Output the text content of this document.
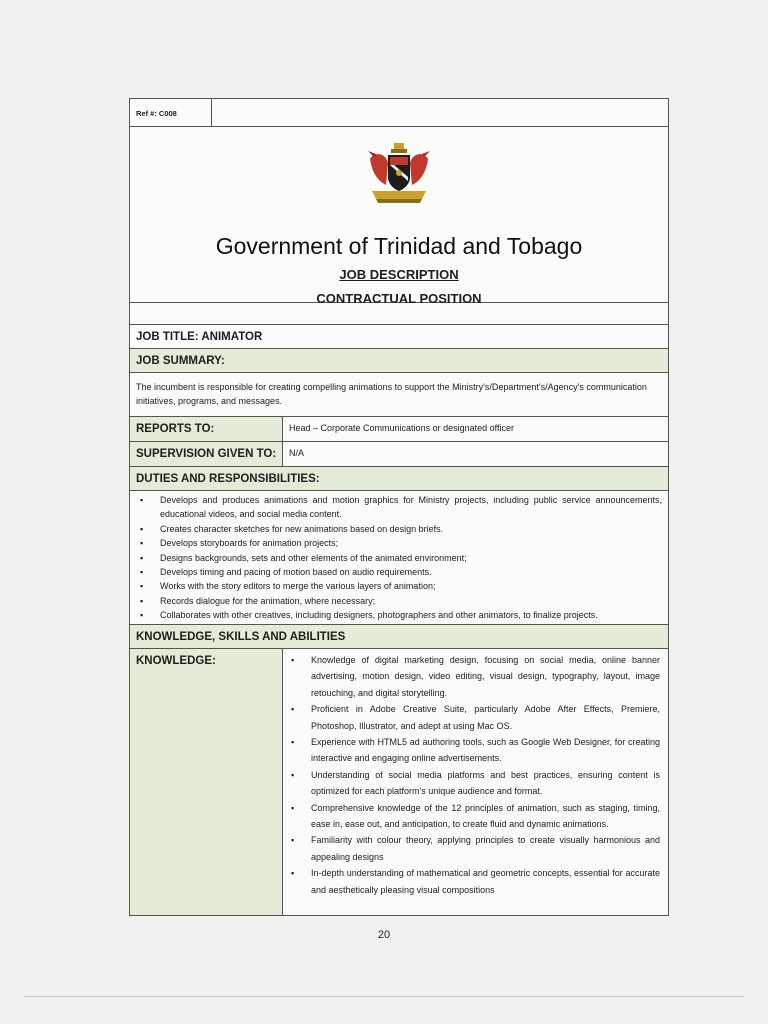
Ref #: C008
Government of Trinidad and Tobago
JOB DESCRIPTION
CONTRACTUAL POSITION
JOB TITLE: ANIMATOR
JOB SUMMARY:
The incumbent is responsible for creating compelling animations to support the Ministry's/Department's/Agency's communication initiatives, programs, and messages.
REPORTS TO:	Head – Corporate Communications or designated officer
SUPERVISION GIVEN TO:	N/A
DUTIES AND RESPONSIBILITIES:
▪ Develops and produces animations and motion graphics for Ministry projects, including public service announcements, educational videos, and social media content.
▪ Creates character sketches for new animations based on design briefs.
▪ Develops storyboards for animation projects;
▪ Designs backgrounds, sets and other elements of the animated environment;
▪ Develops timing and pacing of motion based on audio requirements.
▪ Works with the story editors to merge the various layers of animation;
▪ Records dialogue for the animation, where necessary;
▪ Collaborates with other creatives, including designers, photographers and other animators, to finalize projects.
KNOWLEDGE, SKILLS AND ABILITIES
KNOWLEDGE:
▪	Knowledge of digital marketing design, focusing on social media, online banner advertising, motion design, video editing, visual design, typography, layout, image retouching, and digital storytelling.
▪ Proficient in Adobe Creative Suite, particularly Adobe After Effects, Premiere, Photoshop, Illustrator, and adept at using Mac OS.
▪ Experience with HTML5 ad authoring tools, such as Google Web Designer, for creating interactive and engaging online advertisements.
▪ Understanding of social media platforms and best practices, ensuring content is optimized for each platform's unique audience and format.
▪ Comprehensive knowledge of the 12 principles of animation, such as staging, timing, ease in, ease out, and anticipation, to create fluid and dynamic animations.
▪ Familiarity with colour theory, applying principles to create visually harmonious and appealing designs
▪ In-depth understanding of mathematical and geometric concepts, essential for accurate and aesthetically pleasing visual compositions
20
